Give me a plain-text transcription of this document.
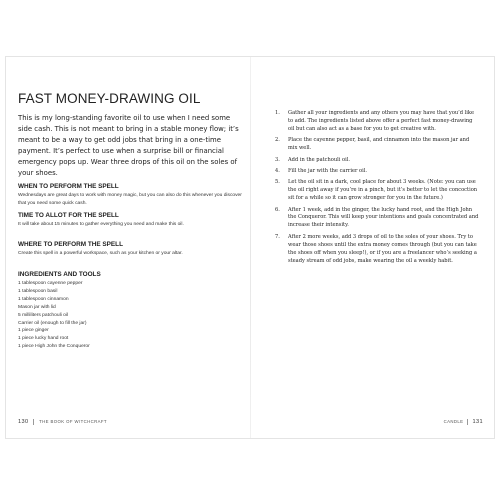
FAST MONEY-DRAWING OIL
This is my long-standing favorite oil to use when I need some side cash. This is not meant to bring in a stable money flow; it’s meant to be a way to get odd jobs that bring in a one-time payment. It’s perfect to use when a surprise bill or financial emergency pops up. Wear three drops of this oil on the soles of your shoes.
WHEN TO PERFORM THE SPELL
Wednesdays are great days to work with money magic, but you can also do this whenever you discover that you need some quick cash.
TIME TO ALLOT FOR THE SPELL
It will take about 15 minutes to gather everything you need and make this oil.
WHERE TO PERFORM THE SPELL
Create this spell in a powerful workspace, such as your kitchen or your altar.
INGREDIENTS AND TOOLS
1 tablespoon cayenne pepper
1 tablespoon basil
1 tablespoon cinnamon
Mason jar with lid
5 milliliters patchouli oil
Carrier oil (enough to fill the jar)
1 piece ginger
1 piece lucky hand root
1 piece High John the Conqueror
130 THE BOOK OF WITCHCRAFT
1. Gather all your ingredients and any others you may have that you’d like to add. The ingredients listed above offer a perfect fast money-drawing oil but can also act as a base for you to get creative with.
2. Place the cayenne pepper, basil, and cinnamon into the mason jar and mix well.
3. Add in the patchouli oil.
4. Fill the jar with the carrier oil.
5. Let the oil sit in a dark, cool place for about 3 weeks. (Note: you can use the oil right away if you’re in a pinch, but it’s better to let the concoction sit for a while so it can grow stronger for you in the future.)
6. After 1 week, add in the ginger, the lucky hand root, and the High John the Conqueror. This will keep your intentions and goals concentrated and increase their intensity.
7. After 2 more weeks, add 3 drops of oil to the soles of your shoes. Try to wear those shoes until the extra money comes through (but you can take the shoes off when you sleep!), or if you are a freelancer who’s seeking a steady stream of odd jobs, make wearing the oil a weekly habit.
CANDLE 131
